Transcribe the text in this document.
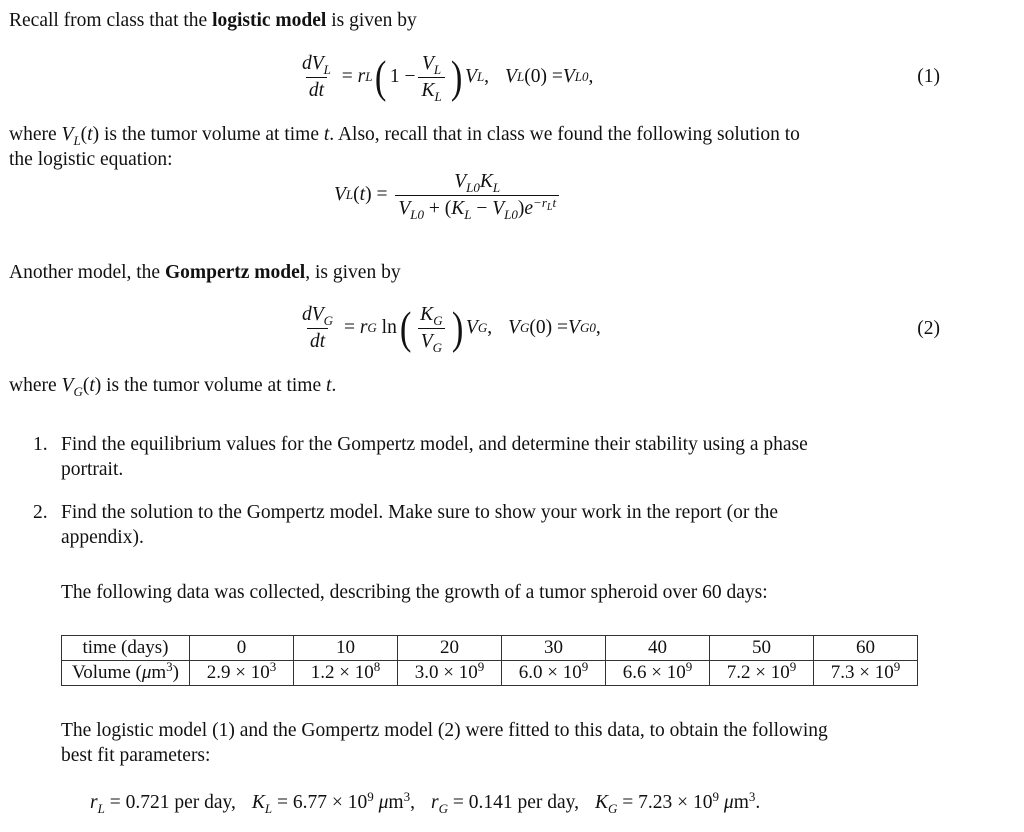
Recall from class that the logistic model is given by
$\frac{dV_L}{dt} = r$ L ( $1 - \frac{V_L}{K_L}$ ) V L , V L (0) = V L0 ,	(1)
where $V_L(t)$ is the tumor volume at time t. Also, recall that in class we found the following solution to
the logistic equation:
V L ( t ) = $\frac{V_{L0}K_L}{V_{L0} + (K_L - V_{L0})e^{-r_Lt}}$
Another model, the Gompertz model, is given by
$\frac{dV_G}{dt} = r$ G ln ( $\frac{K_G}{V_G}$ ) V G , V G (0) = V G0 ,	(2)
where $V_G(t)$ is the tumor volume at time t.
1. Find the equilibrium values for the Gompertz model, and determine their stability using a phase
portrait.
2. Find the solution to the Gompertz model. Make sure to show your work in the report (or the
appendix).
The following data was collected, describing the growth of a tumor spheroid over 60 days:
time (days)	0	10	20	30	40	50	60
Volume $(\mu m^3)$	$2.9 \times 10^3$	$1.2 \times 10^8$	$3.0 \times 10^9$	$6.0 \times 10^9$	$6.6 \times 10^9$	$7.2 \times 10^9$	$7.3 \times 10^9$
The logistic model (1) and the Gompertz model (2) were fitted to this data, to obtain the following
best fit parameters:
$r_L = 0.721$ per day, $K_L = 6.77 \times 10^9$ $\mu m^3$, $r_G = 0.141$ per day, $K_G = 7.23 \times 10^9$ $\mu m^3$.
